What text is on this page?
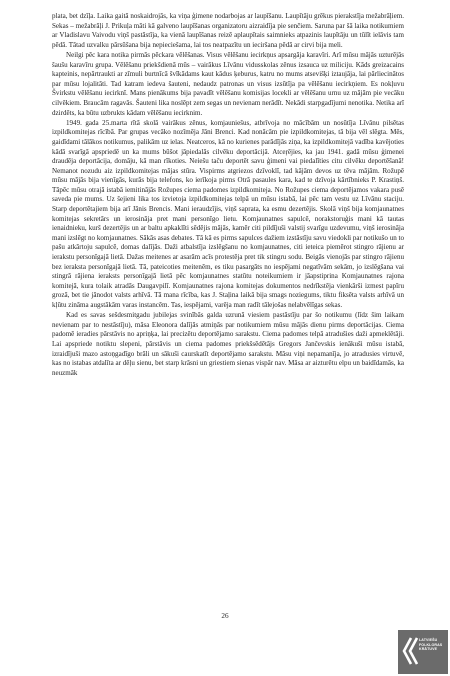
plata, bet dzīļa. Laika gaitā noskaidrojās, ka viņa ģimene nodarbojas ar laupīšanu. Laupītāju grēkus pierakstīja mežabrāļiem. Sekas – mežabrāļi J. Prikuļa māti kā galveno laupīšanas organizatoru aizraidīja pie senčiem. Saruna par šā laika notikumiem ar Vladislavu Vaivodu viņš pastāstīja, ka vienā laupīšanas reizē aplaupītais saimnieks atpazinis laupītāju un tūlīt ielāvis tam pēdā. Tātad uzvalku pārsūšana bija nepieciešama, lai tos neatpazītu un ieciršana pēdā ar cirvi bija meli.

Neilgi pēc kara notika pirmās pēckara vēlēšanas. Visus vēlēšanu iecirkņus apsargāja karavīri. Arī mūsu mājās uzturējās šaušu karavīru grupa. Vēlēšanu priekšdienā mūs – vairākus Līvānu vidusskolas zēnus izsauca uz miliciju. Kāds greizacains kapteinis, nepārtraukti ar zīmuli burtnīcā švīkādams kaut kādus ķeburus, katru no mums atsevišķi iztaujāja, lai pārliecinātos par mūsu lojalitāti. Tad katram iedeva šauteni, nedaudz patronas un visus izsūtīja pa vēlēšanu iecirkņiem. Es nokļuvu Švirkstu vēlēšanu iecirknī. Mans pienākums bija pavadīt vēlēšanu komisijas locekli ar vēlēšanu urnu uz mājām pie vecāku cilvēkiem. Braucām ragavās. Šauteni lika noslēpt zem segas un nevienam nerādīt. Nekādi starpgadījumi nenotika. Netika arī dzirdēts, ka būtu uzbrukts kādam vēlēšanu iecirknim.

1949. gada 25.marta rītā skolā vairākus zēnus, komjauniešus, atbrīvoja no mācībām un nosūtīja Līvānu pilsētas izpildkomitejas rīcībā. Par grupas vecāko nozīmēja Jāni Brenci. Kad nonācām pie izpildkomitejas, tā bija vēl slēgta. Mēs, gaidīdami tālākos notikumus, palikām uz ielas. Neatceros, kā no kurienes parādījās ziņa, ka izpildkomitejā vadība kavējoties kādā svarīgā apspriedē un ka mums būšot jāpiedalās cilvēku deportācijā. Atceŗējies, ka jau 1941. gadā mūsu ģimenei draudēja deportācija, domāju, kā man rīkoties. Neiešu taču deportēt savu ģimeni vai piedalīties citu cilvēku deportēšanā! Nemanot nozudu aiz izpildkomitejas mājas stūra. Vispirms atgriezos dzīvoklī, tad kājām devos uz tēva mājām. Rožupē mūsu mājās bija vienīgās, kurās bija telefons, ko ierīkoja pirms Otrā pasaules kara, kad te dzīvoja kārtībnieks P. Krastiņš. Tāpēc mūsu otrajā istabā iemitinājās Rožupes ciema padomes izpildkomiteja. No Rožupes ciema deportējamos vakara pusē saveda pie mums. Uz šejieni lika tos izvietoja izpildkomitejas telpā un mūsu istabā, lai pēc tam vestu uz Līvānu staciju. Starp deportētajiem bija arī Jānis Brencis. Mani ieraudzījis, viņš saprata, ka esmu dezertējis. Skolā viņš bija komjaunatnes komitejas sekretārs un ierosināja pret mani personīgo lietu. Komjaunatnes sapulcē, norakstoruģis mani kā tautas ienaidnieku, kurš dezertējis un ar baltu apkaklīti sēdējis mājās, kamēr citi pildījuši valstij svarīgu uzdevumu, viņš ierosināja mani izslēgt no komjaunatnes. Sākās asas debates. Tā kā es pirms sapulces dažiem izstāstīju savu viedokli par notikušo un to pašu atkārtoju sapulcē, domas dalījās. Daži atbalstīja izslēgšanu no komjaunatnes, citi ieteica piemērot stingro rājienu ar ierakstu personīgajā lietā. Dažas meitenes ar asarām acīs protestēja pret tik stingru sodu. Beigās vienojās par stingro rājienu bez ieraksta personīgajā lietā. Tā, pateicoties meitenēm, es tiku pasargāts no iespējami negatīvām sekām, jo izslēgšana vai stingrā rājiena ieraksts personīgajā lietā pēc komjaunatnes statūtu noteikumiem ir jāapstiprina Komjaunatnes rajona komitejā, kura tolaik atradās Daugavpilī. Komjaunatnes rajona komitejas dokumentos nedrīkstēja vienkārši izmest papīru grozā, bet tie jānodot valsts arhīvā. Tā mana rīcība, kas J. Staļina laikā bija smags noziegums, tiktu fiksēta valsts arhīvā un kļūtu zināma augstākām varas instancēm. Tas, iespējami, varēja man radīt tālejošas nelabvēlīgas sekas.

Kad es savas sešdesmitgadu jubilejas svinībās galda uzrunā viesiem pastāstīju par šo notikumu (līdz šim laikam nevienam par to nestāstīju), māsa Eleonora dalījās atmiņās par notikumiem mūsu mājās dienu pirms deportācijas. Ciema padomē ieradies pārstāvis no apriņķa, lai precizētu deportējamo sarakstu. Ciema padomes telpā atradušies daži apmeklētāji. Lai apspriede notiktu slepeni, pārstāvis un ciema padomes priekšsēdētājs Gregors Jančevskis ienākuši mūsu istabā, izraidījuši mazo astoņgadīgo brāli un sākuši caurskatīt deportējamo sarakstu. Māsu viņi nepamanīja, jo atradusies virtuvē, kas no istabas atdalīta ar dēļu sienu, bet starp krāsni un griestiem sienas vispār nav. Māsa ar aizturētu elpu un baidīdamās, ka neuzmāk

26
LATVIEŠU
FOLKLORAS
KRĀTUVE
